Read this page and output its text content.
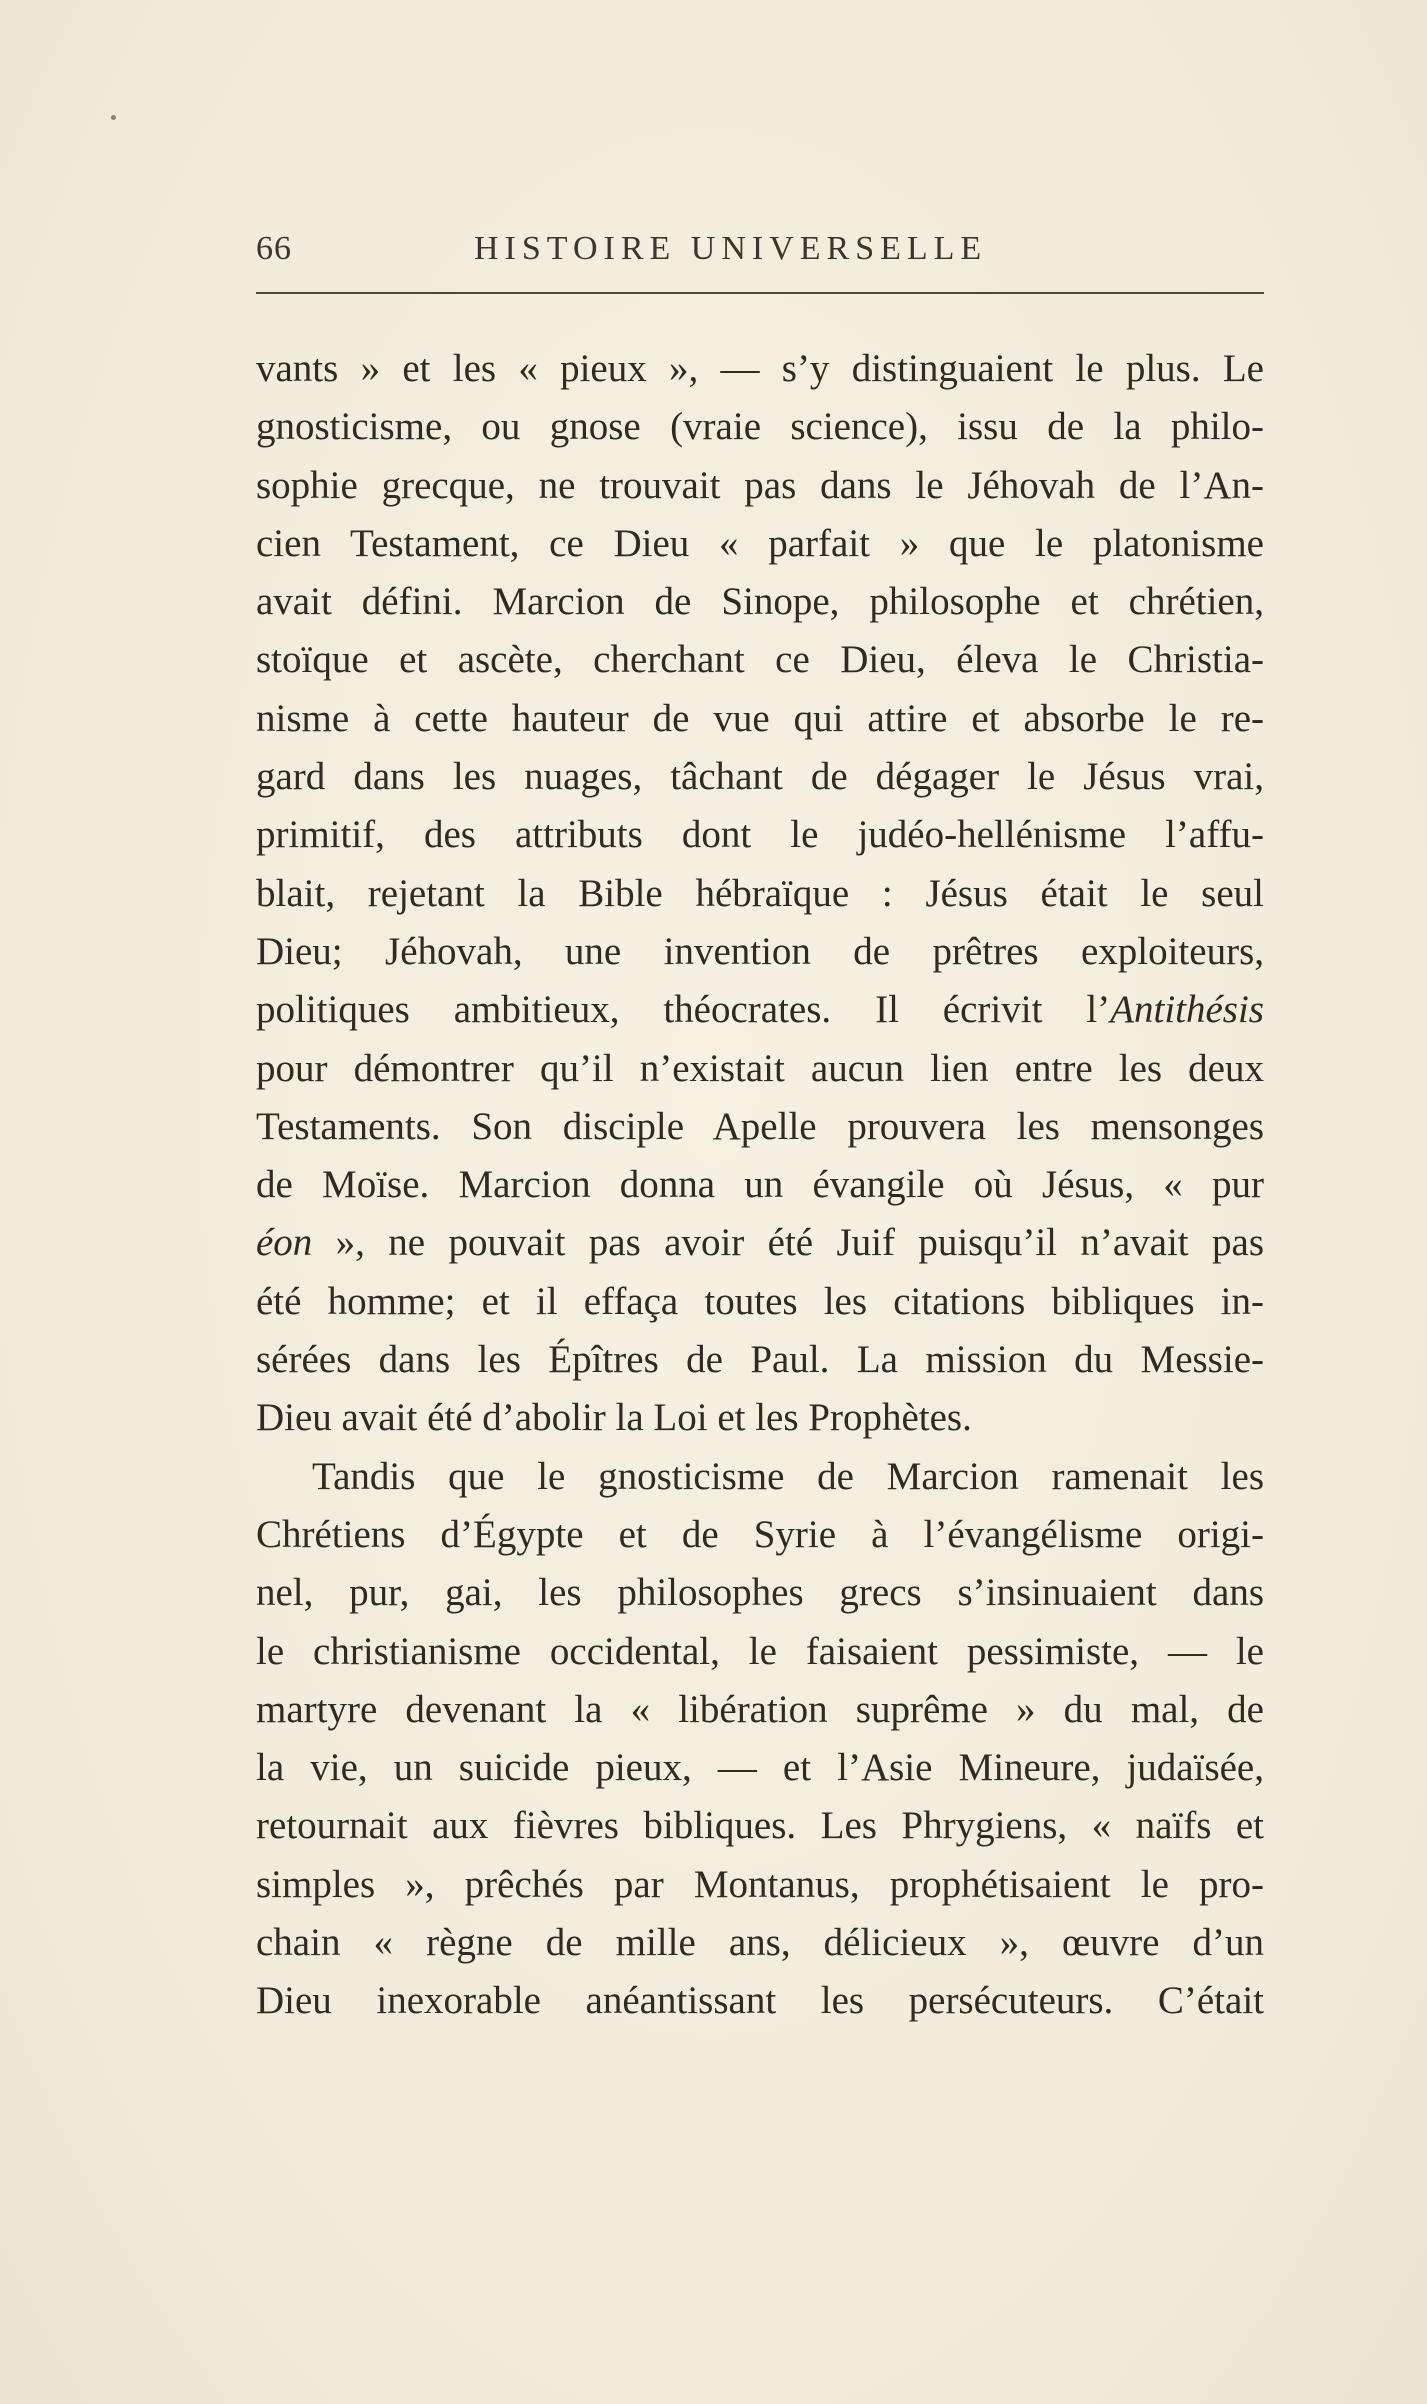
66	HISTOIRE UNIVERSELLE
vants » et les « pieux », — s’y distinguaient le plus. Le
gnosticisme, ou gnose (vraie science), issu de la philo-
sophie grecque, ne trouvait pas dans le Jéhovah de l’An-
cien Testament, ce Dieu « parfait » que le platonisme
avait défini. Marcion de Sinope, philosophe et chrétien,
stoïque et ascète, cherchant ce Dieu, éleva le Christia-
nisme à cette hauteur de vue qui attire et absorbe le re-
gard dans les nuages, tâchant de dégager le Jésus vrai,
primitif, des attributs dont le judéo-hellénisme l’affu-
blait, rejetant la Bible hébraïque : Jésus était le seul
Dieu; Jéhovah, une invention de prêtres exploiteurs,
politiques ambitieux, théocrates. Il écrivit l’Antithésis
pour démontrer qu’il n’existait aucun lien entre les deux
Testaments. Son disciple Apelle prouvera les mensonges
de Moïse. Marcion donna un évangile où Jésus, « pur
éon », ne pouvait pas avoir été Juif puisqu’il n’avait pas
été homme; et il effaça toutes les citations bibliques in-
sérées dans les Épîtres de Paul. La mission du Messie-
Dieu avait été d’abolir la Loi et les Prophètes.
Tandis que le gnosticisme de Marcion ramenait les
Chrétiens d’Égypte et de Syrie à l’évangélisme origi-
nel, pur, gai, les philosophes grecs s’insinuaient dans
le christianisme occidental, le faisaient pessimiste, — le
martyre devenant la « libération suprême » du mal, de
la vie, un suicide pieux, — et l’Asie Mineure, judaïsée,
retournait aux fièvres bibliques. Les Phrygiens, « naïfs et
simples », prêchés par Montanus, prophétisaient le pro-
chain « règne de mille ans, délicieux », œuvre d’un
Dieu inexorable anéantissant les persécuteurs. C’était
